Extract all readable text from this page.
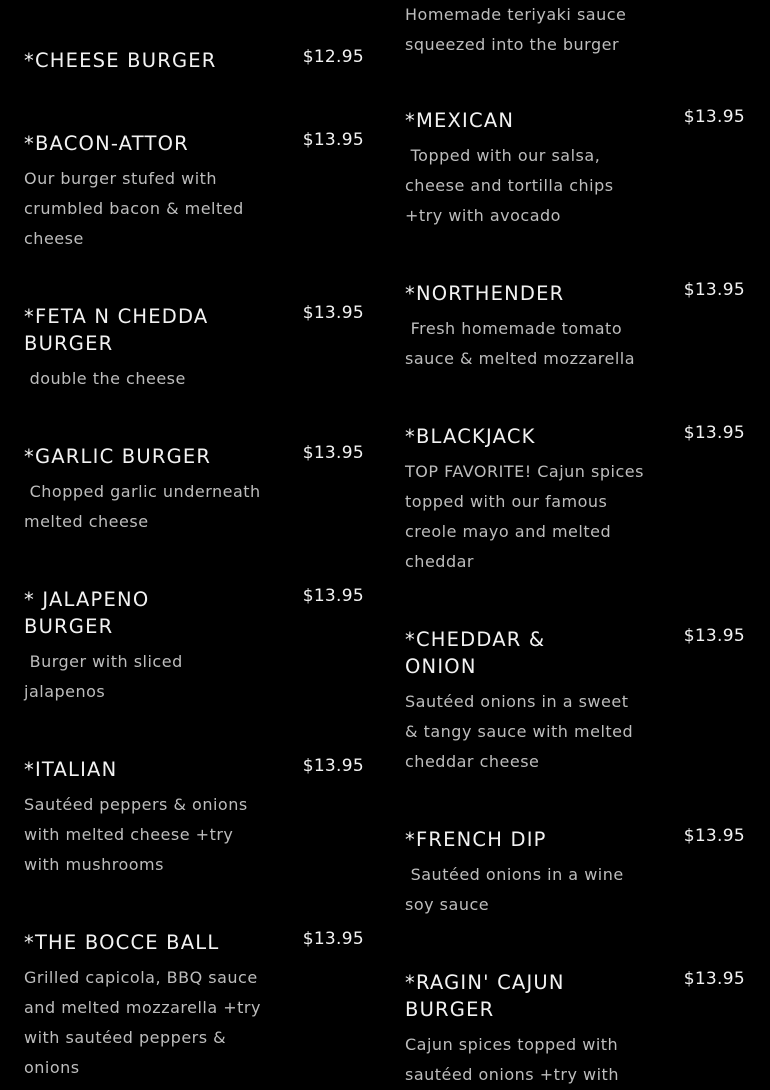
*CHEESE BURGER	$12.95
*BACON-ATTOR	$13.95

Our burger stufed with crumbled bacon & melted cheese

*FETA N CHEDDA BURGER
$13.95

double the cheese

*GARLIC BURGER	$13.95

Chopped garlic underneath melted cheese

* JALAPENO BURGER
$13.95

Burger with sliced jalapenos

*ITALIAN	$13.95

Sautéed peppers & onions with melted cheese +try with mushrooms

*THE BOCCE BALL	$13.95

Grilled capicola, BBQ sauce and melted mozzarella +try with sautéed peppers & onions

Homemade teriyaki sauce squeezed into the burger

*MEXICAN	$13.95

Topped with our salsa, cheese and tortilla chips +try with avocado

*NORTHENDER	$13.95

Fresh homemade tomato sauce & melted mozzarella

*BLACKJACK	$13.95

TOP FAVORITE! Cajun spices topped with our famous creole mayo and melted cheddar

*CHEDDAR & ONION
$13.95

Sautéed onions in a sweet & tangy sauce with melted cheddar cheese

*FRENCH DIP	$13.95

Sautéed onions in a wine soy sauce

*RAGIN' CAJUN BURGER
$13.95

Cajun spices topped with sautéed onions +try with
